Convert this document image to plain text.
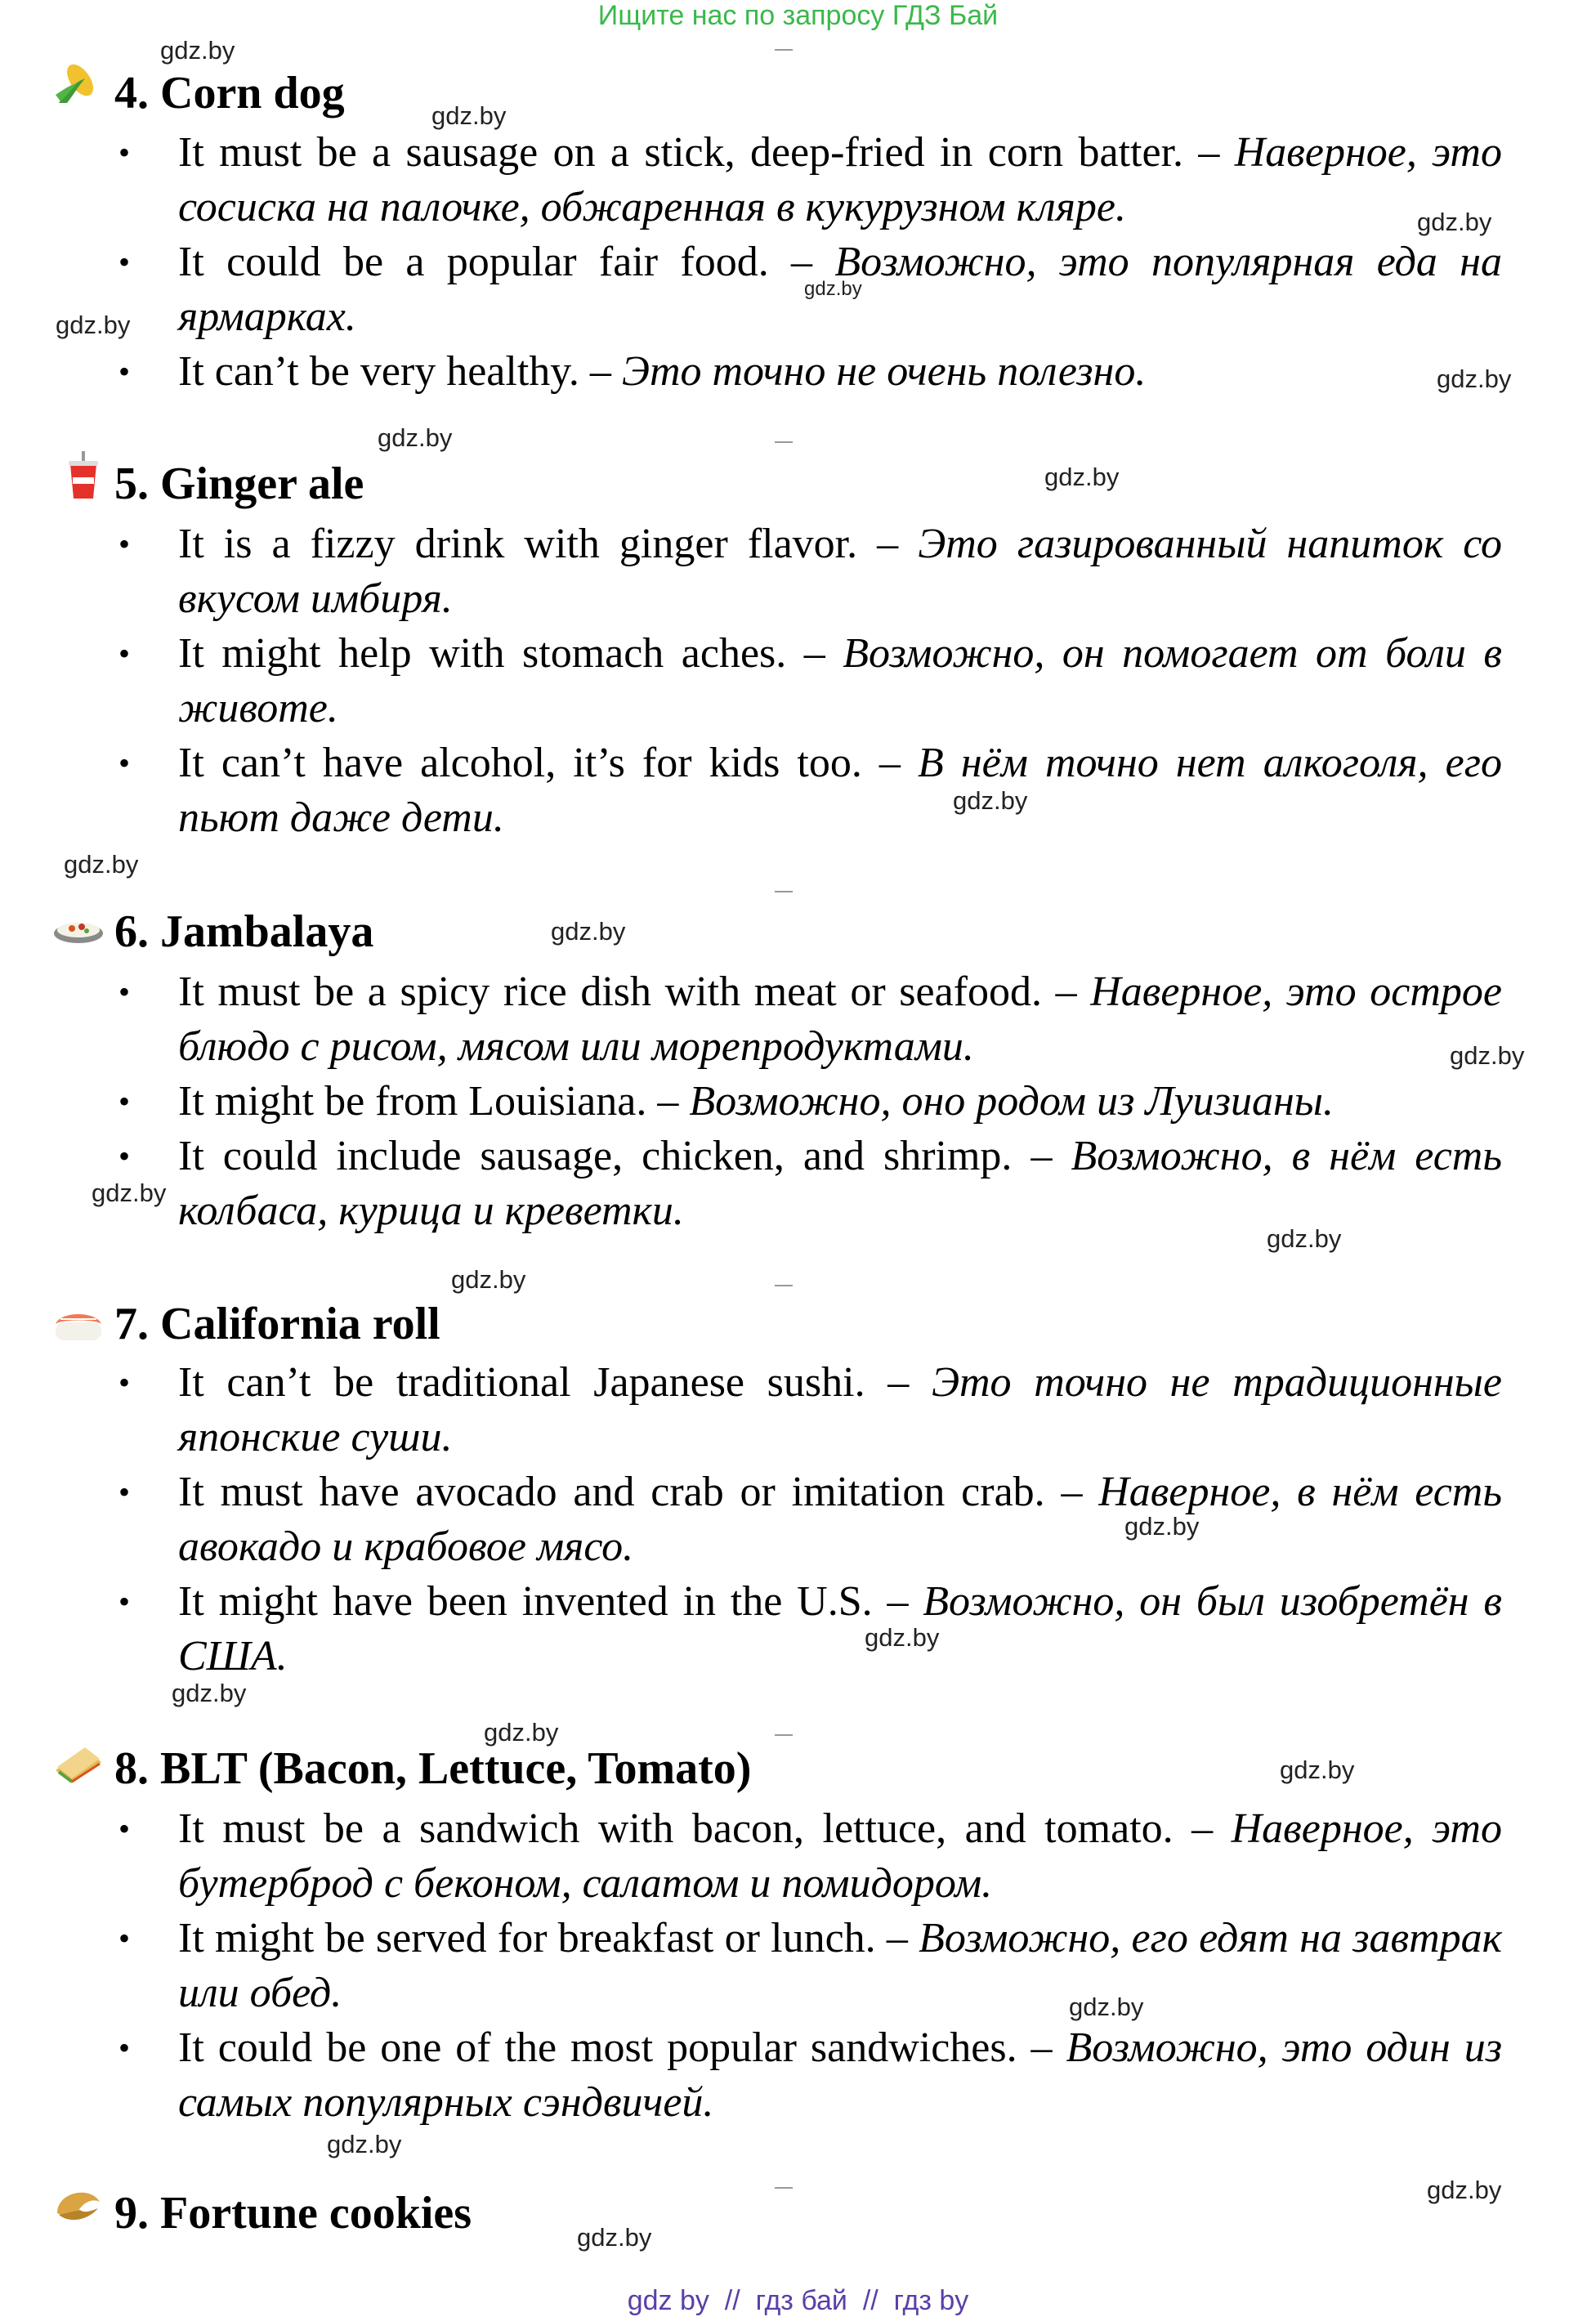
Ищите нас по запросу ГДЗ Бай
4. Corn dog
• It must be a sausage on a stick, deep-fried in corn batter. – Наверное, это сосиска на палочке, обжаренная в кукурузном кляре.
• It could be a popular fair food. – Возможно, это популярная еда на ярмарках.
• It can’t be very healthy. – Это точно не очень полезно.
5. Ginger ale
• It is a fizzy drink with ginger flavor. – Это газированный напиток со вкусом имбиря.
• It might help with stomach aches. – Возможно, он помогает от боли в животе.
• It can’t have alcohol, it’s for kids too. – В нём точно нет алкоголя, его пьют даже дети.
6. Jambalaya
• It must be a spicy rice dish with meat or seafood. – Наверное, это острое блюдо с рисом, мясом или морепродуктами.
• It might be from Louisiana. – Возможно, оно родом из Луизианы.
• It could include sausage, chicken, and shrimp. – Возможно, в нём есть колбаса, курица и креветки.
7. California roll
• It can’t be traditional Japanese sushi. – Это точно не традиционные японские суши.
• It must have avocado and crab or imitation crab. – Наверное, в нём есть авокадо и крабовое мясо.
• It might have been invented in the U.S. – Возможно, он был изобретён в США.
8. BLT (Bacon, Lettuce, Tomato)
• It must be a sandwich with bacon, lettuce, and tomato. – Наверное, это бутерброд с беконом, салатом и помидором.
• It might be served for breakfast or lunch. – Возможно, его едят на завтрак или обед.
• It could be one of the most popular sandwiches. – Возможно, это один из самых популярных сэндвичей.
9. Fortune cookies
gdz.by
gdz.by
gdz.by
gdz.by
gdz.by
gdz.by
gdz.by
gdz.by
gdz.by
gdz.by
gdz.by
gdz.by
gdz.by
gdz.by
gdz.by
gdz.by
gdz.by
gdz.by
gdz.by
gdz.by
gdz.by
gdz.by
gdz.by
gdz.by
gdz by  //  гдз бай  //  гдз by
